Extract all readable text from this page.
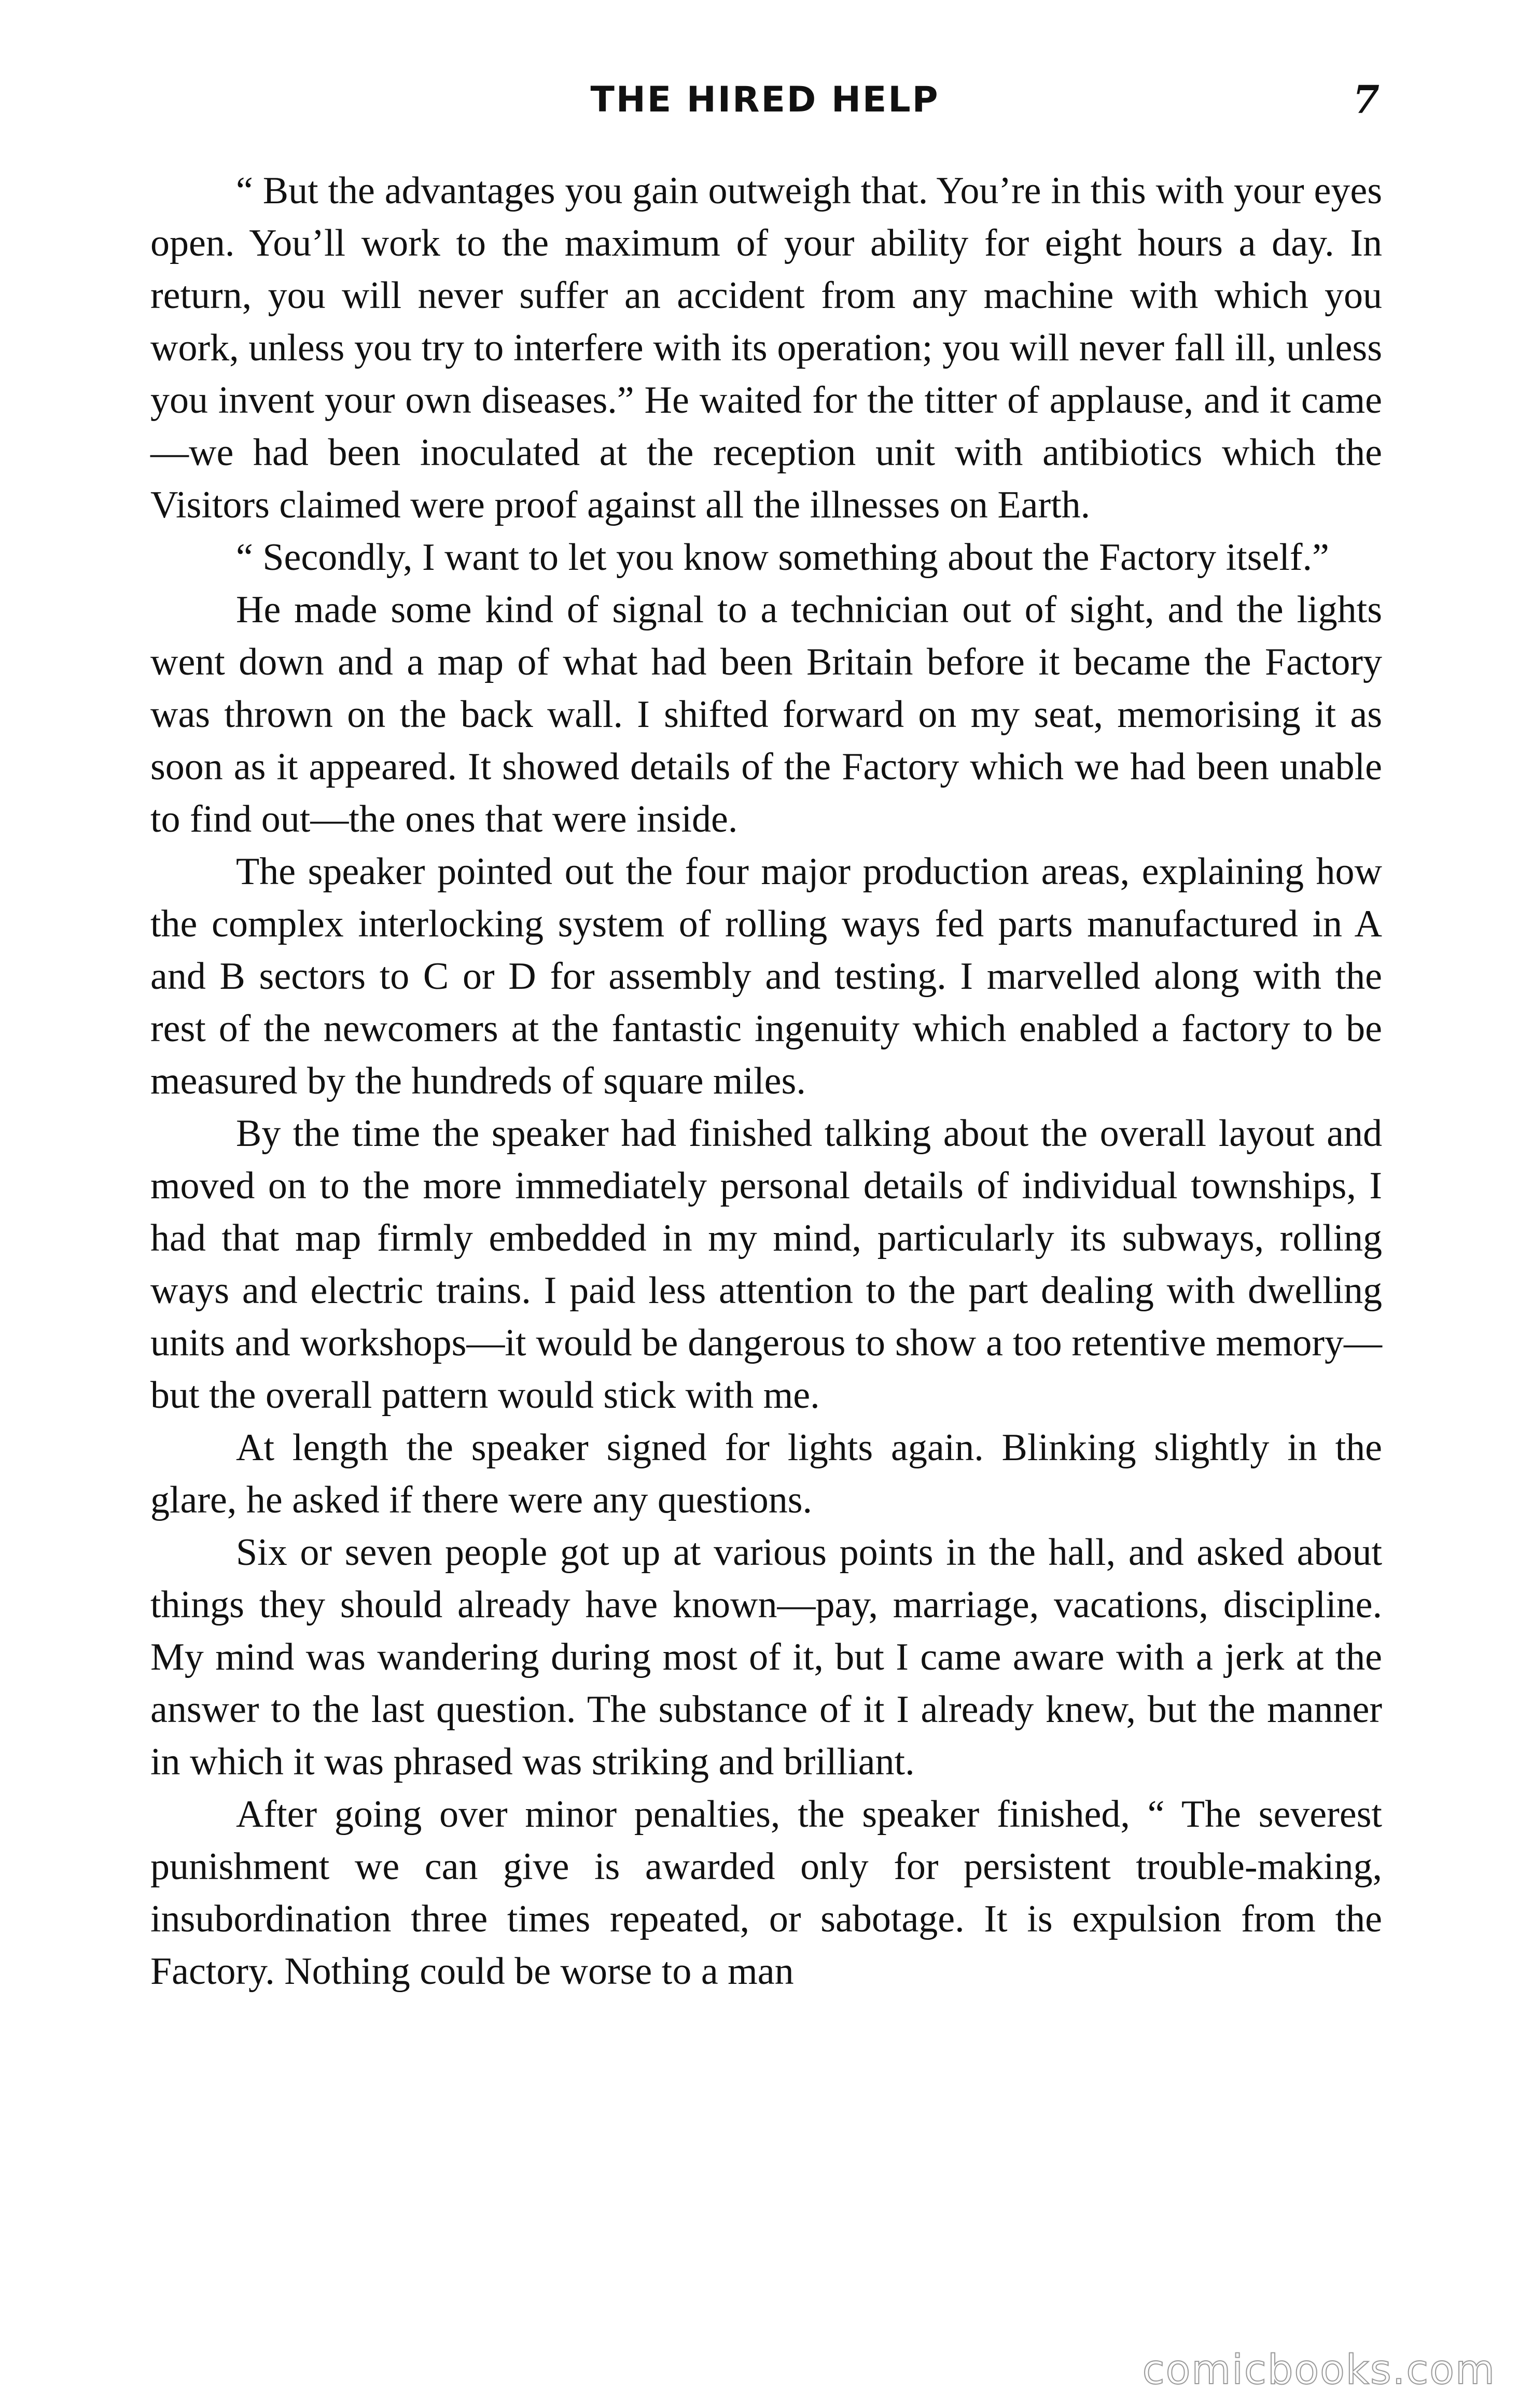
THE HIRED HELP	7

“ But the advantages you gain outweigh that. You’re in this with your eyes open. You’ll work to the maximum of your ability for eight hours a day. In return, you will never suffer an accident from any machine with which you work, unless you try to interfere with its operation; you will never fall ill, unless you invent your own diseases.” He waited for the titter of applause, and it came—we had been inoculated at the reception unit with antibiotics which the Visitors claimed were proof against all the illnesses on Earth.

“ Secondly, I want to let you know something about the Factory itself.”

He made some kind of signal to a technician out of sight, and the lights went down and a map of what had been Britain before it became the Factory was thrown on the back wall. I shifted forward on my seat, memorising it as soon as it appeared. It showed details of the Factory which we had been unable to find out—the ones that were inside.

The speaker pointed out the four major production areas, explaining how the complex interlocking system of rolling ways fed parts manufactured in A and B sectors to C or D for assembly and testing. I marvelled along with the rest of the newcomers at the fantastic ingenuity which enabled a factory to be measured by the hundreds of square miles.

By the time the speaker had finished talking about the overall layout and moved on to the more immediately personal details of individual townships, I had that map firmly embedded in my mind, particularly its subways, rolling ways and electric trains. I paid less attention to the part dealing with dwelling units and workshops—it would be dangerous to show a too retentive memory—but the overall pattern would stick with me.

At length the speaker signed for lights again. Blinking slightly in the glare, he asked if there were any questions.

Six or seven people got up at various points in the hall, and asked about things they should already have known—pay, marriage, vacations, discipline. My mind was wandering during most of it, but I came aware with a jerk at the answer to the last question. The substance of it I already knew, but the manner in which it was phrased was striking and brilliant.

After going over minor penalties, the speaker finished, “ The severest punishment we can give is awarded only for persistent trouble-making, insubordination three times repeated, or sabotage. It is expulsion from the Factory. Nothing could be worse to a man

comicbooks.com
